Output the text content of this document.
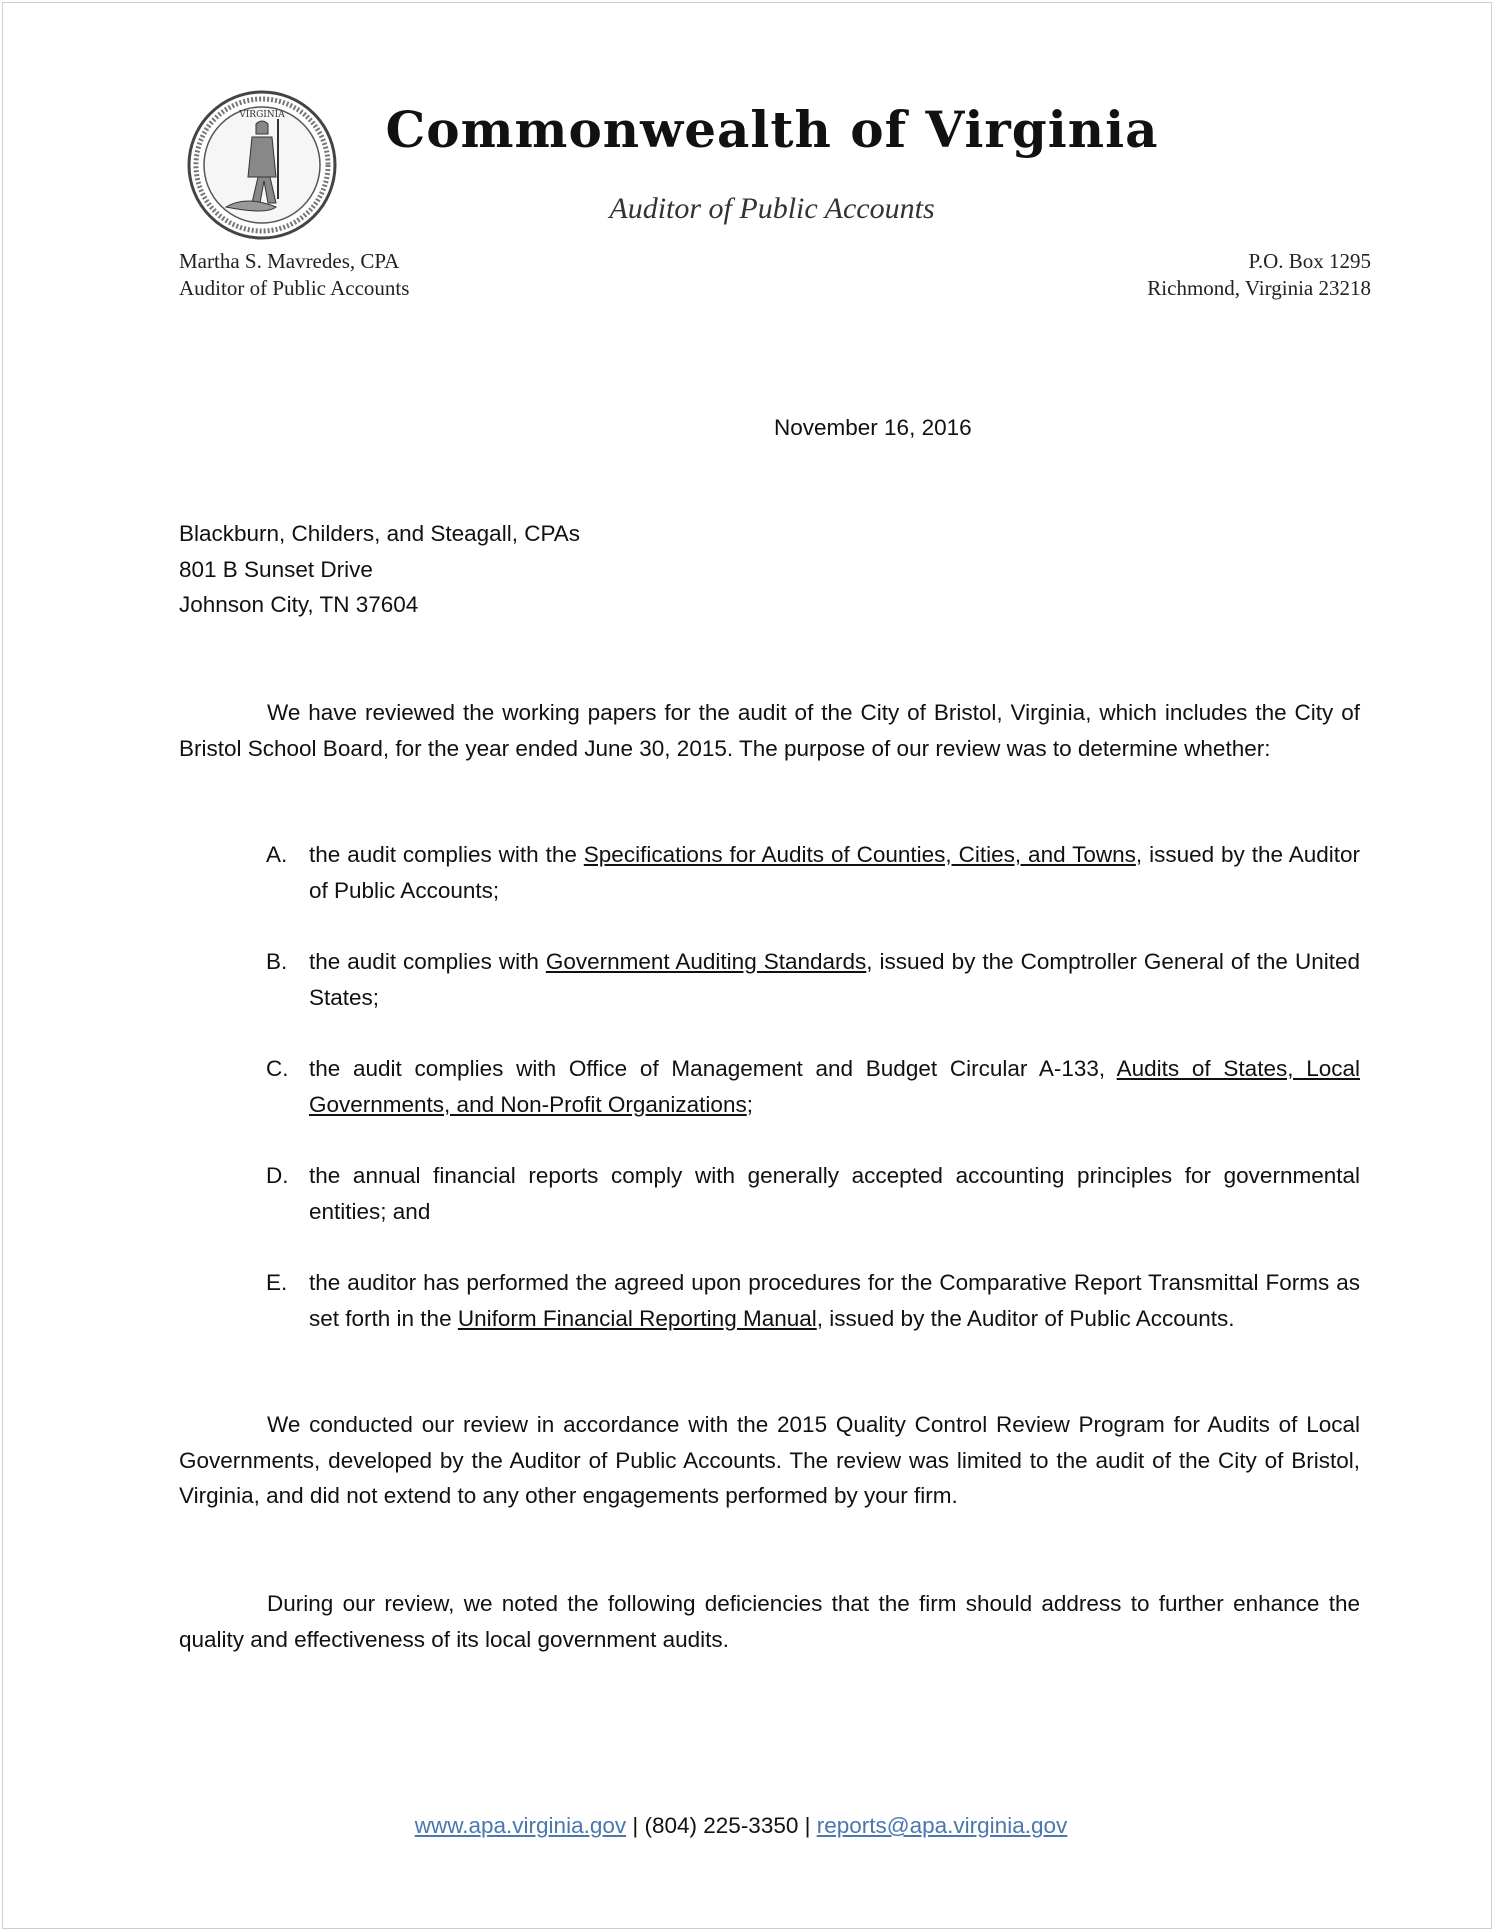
VIRGINIA	Commonwealth of Virginia
Auditor of Public Accounts
Martha S. Mavredes, CPA
Auditor of Public Accounts
P.O. Box 1295
Richmond, Virginia 23218
November 16, 2016
Blackburn, Childers, and Steagall, CPAs
801 B Sunset Drive
Johnson City, TN 37604
We have reviewed the working papers for the audit of the City of Bristol, Virginia, which includes the City of Bristol School Board, for the year ended June 30, 2015. The purpose of our review was to determine whether:
A. the audit complies with the Specifications for Audits of Counties, Cities, and Towns, issued by the Auditor of Public Accounts;
B. the audit complies with Government Auditing Standards, issued by the Comptroller General of the United States;
C. the audit complies with Office of Management and Budget Circular A-133, Audits of States, Local Governments, and Non-Profit Organizations;
D. the annual financial reports comply with generally accepted accounting principles for governmental entities; and
E. the auditor has performed the agreed upon procedures for the Comparative Report Transmittal Forms as set forth in the Uniform Financial Reporting Manual, issued by the Auditor of Public Accounts.
We conducted our review in accordance with the 2015 Quality Control Review Program for Audits of Local Governments, developed by the Auditor of Public Accounts. The review was limited to the audit of the City of Bristol, Virginia, and did not extend to any other engagements performed by your firm.
During our review, we noted the following deficiencies that the firm should address to further enhance the quality and effectiveness of its local government audits.
www.apa.virginia.gov | (804) 225-3350 | reports@apa.virginia.gov
